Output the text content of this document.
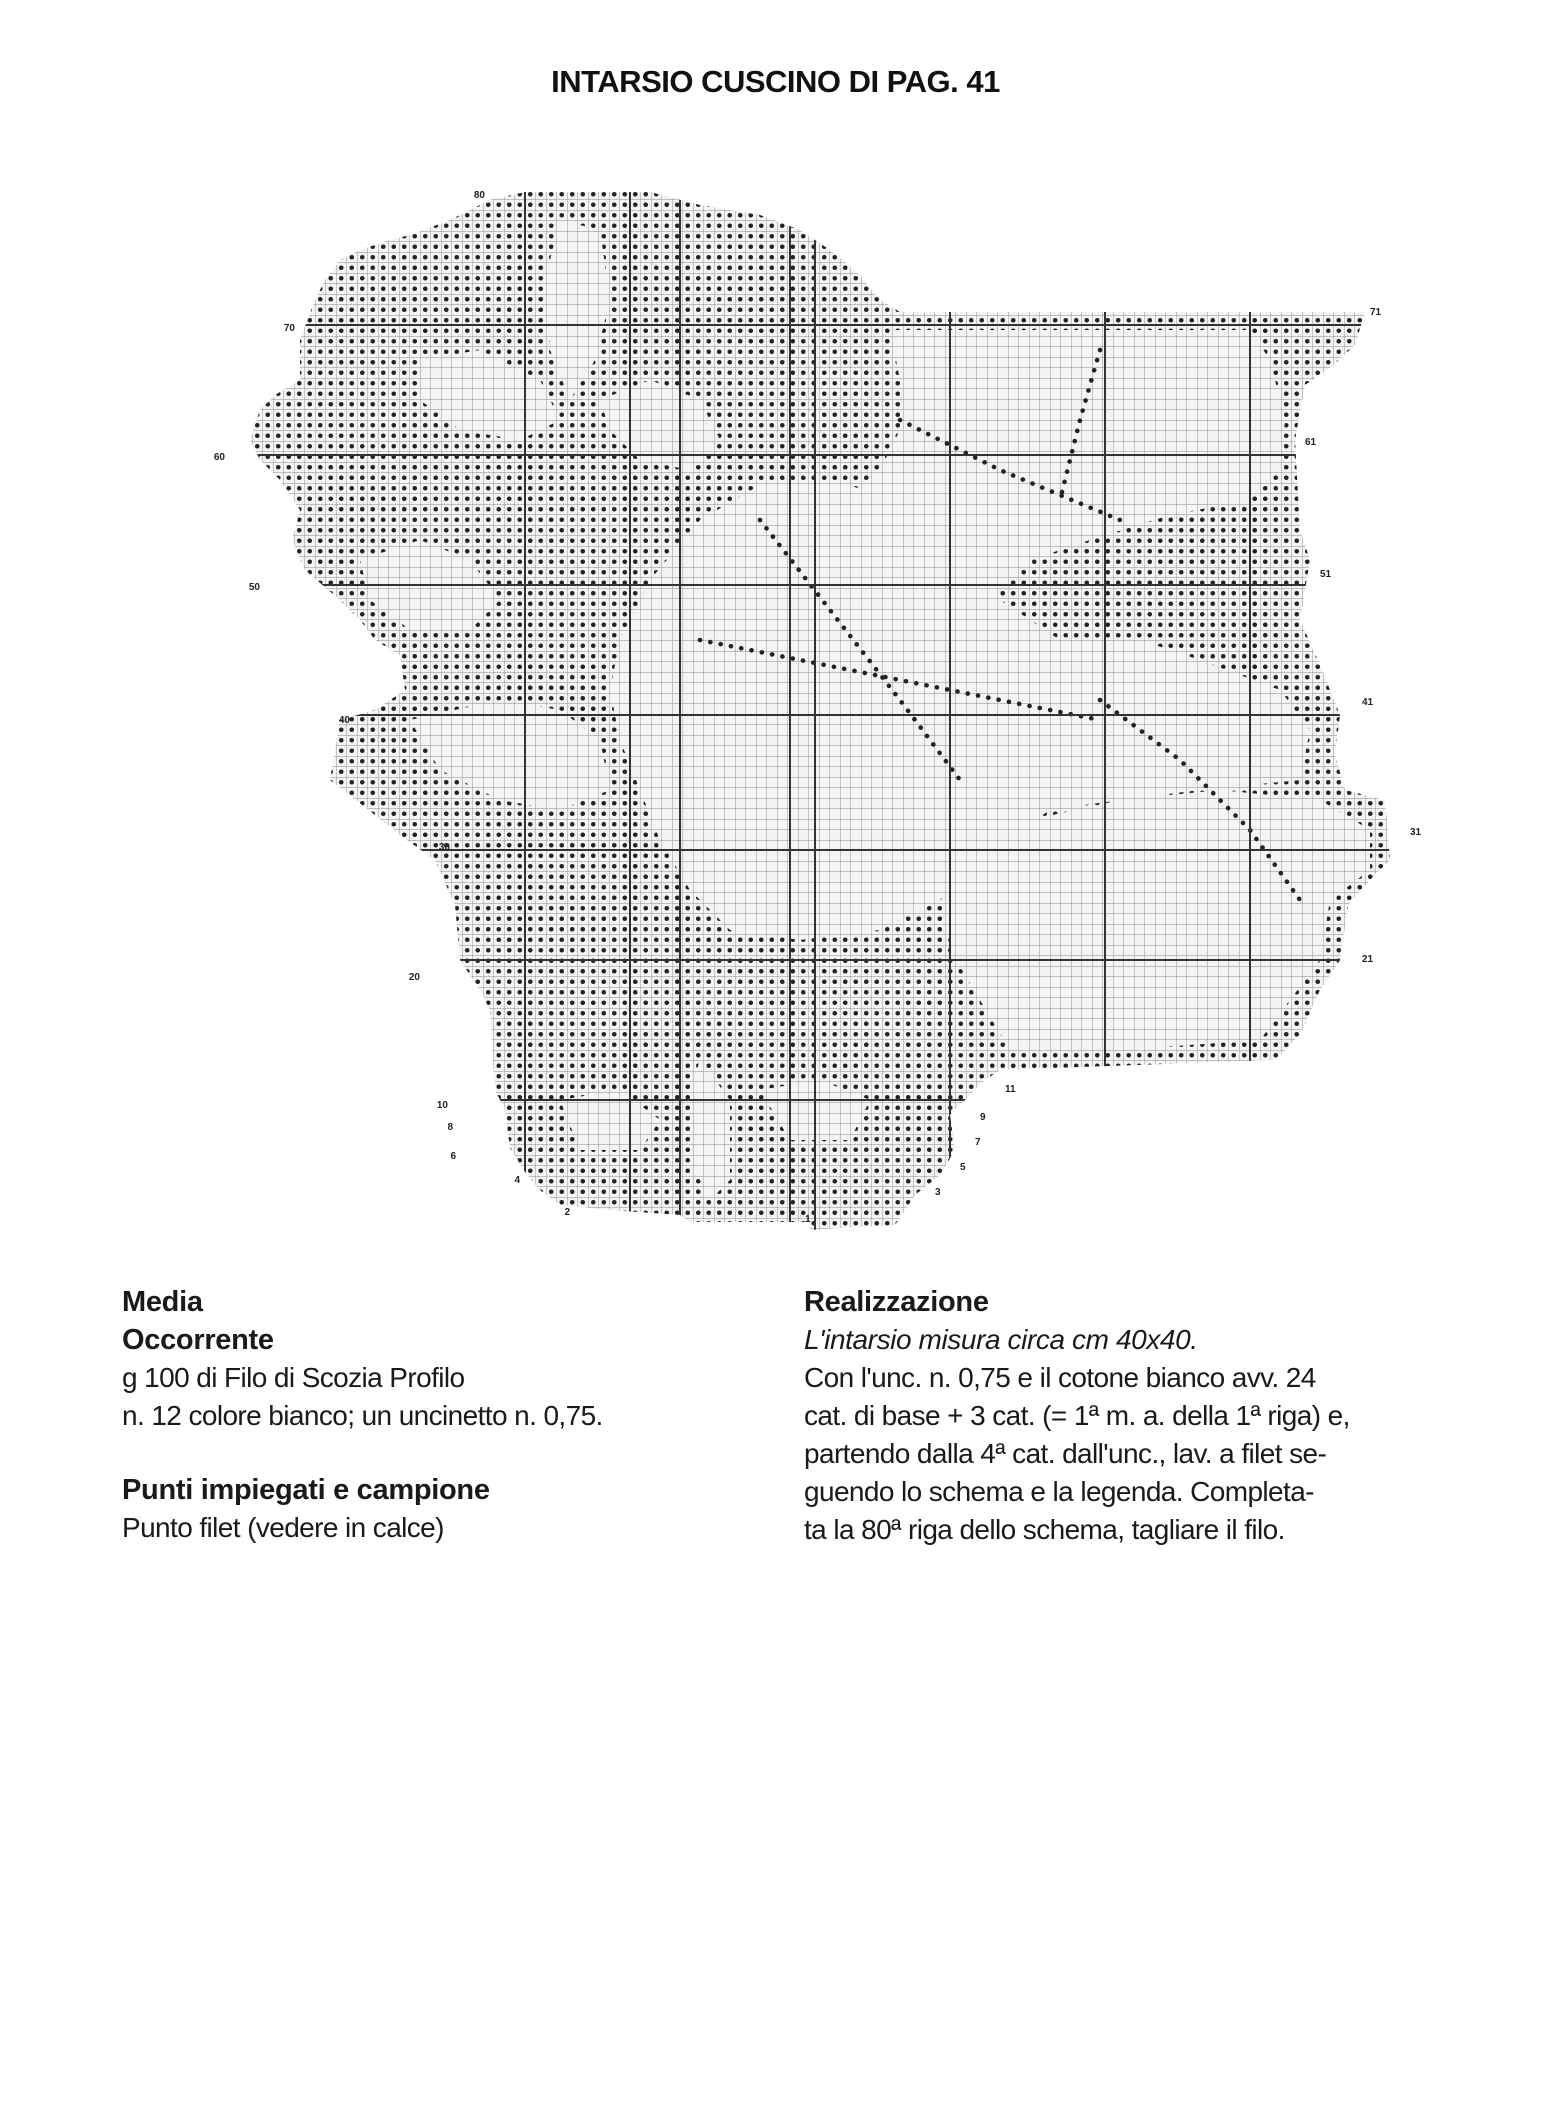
INTARSIO CUSCINO DI PAG. 41
80
70
60
50
40
30
20
10
8
6
4
2
71
61
51
41
31
21
11
9
7
5
3
1

Media

Occorrente

g 100 di Filo di Scozia Profilo

n. 12 colore bianco; un uncinetto n. 0,75.

Punti impiegati e campione

Punto filet (vedere in calce)

Realizzazione

L'intarsio misura circa cm 40x40.

Con l'unc. n. 0,75 e il cotone bianco avv. 24

cat. di base + 3 cat. (= 1ª m. a. della 1ª riga) e,

partendo dalla 4ª cat. dall'unc., lav. a filet se-

guendo lo schema e la legenda. Completa-

ta la 80ª riga dello schema, tagliare il filo.
